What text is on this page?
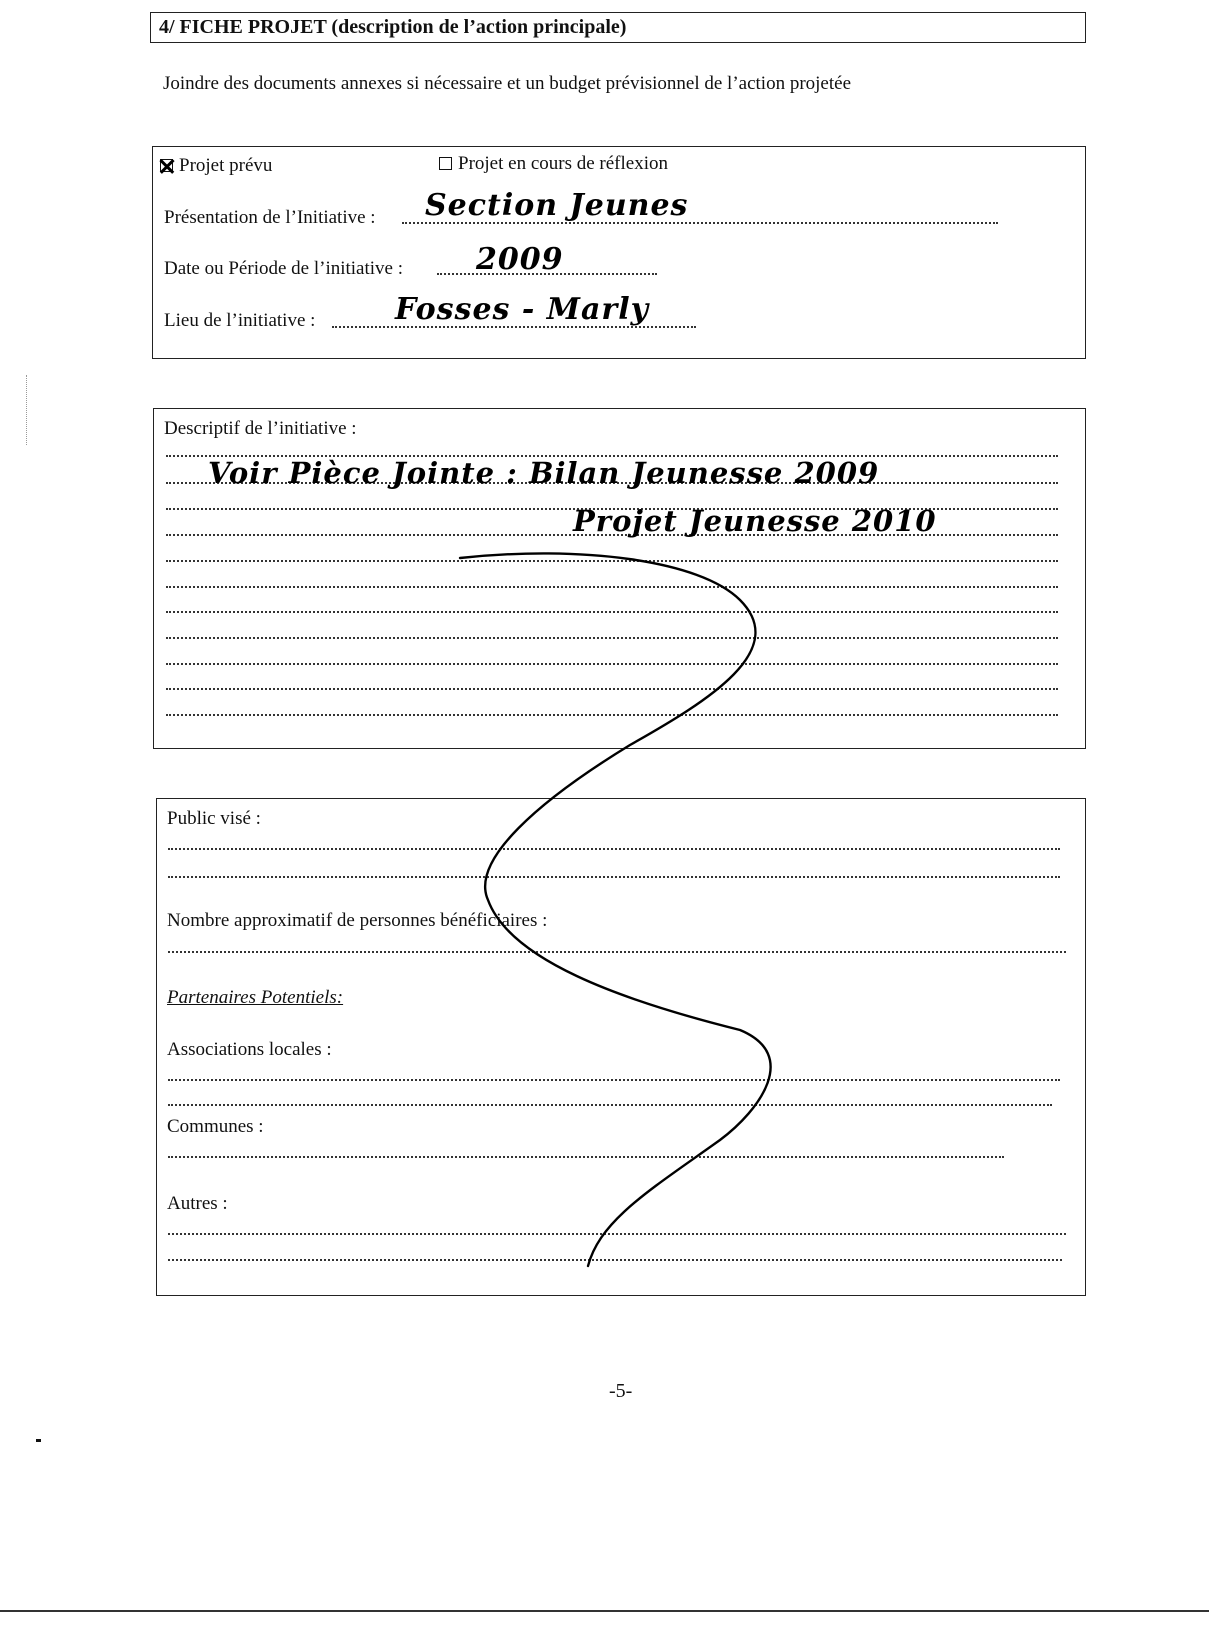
4/ FICHE PROJET (description de l’action principale)
Joindre des documents annexes si nécessaire et un budget prévisionnel de l’action projetée
Projet prévu	Projet en cours de réflexion
Présentation de l’Initiative : Section Jeunes
Date ou Période de l’initiative : 2009
Lieu de l’initiative :	Fosses - Marly
Descriptif de l’initiative :
Voir Pièce Jointe : Bilan Jeunesse 2009
Projet Jeunesse 2010
Public visé :
Nombre approximatif de personnes bénéficiaires :
Partenaires Potentiels:
Associations locales :
Communes :
Autres :
-5-
